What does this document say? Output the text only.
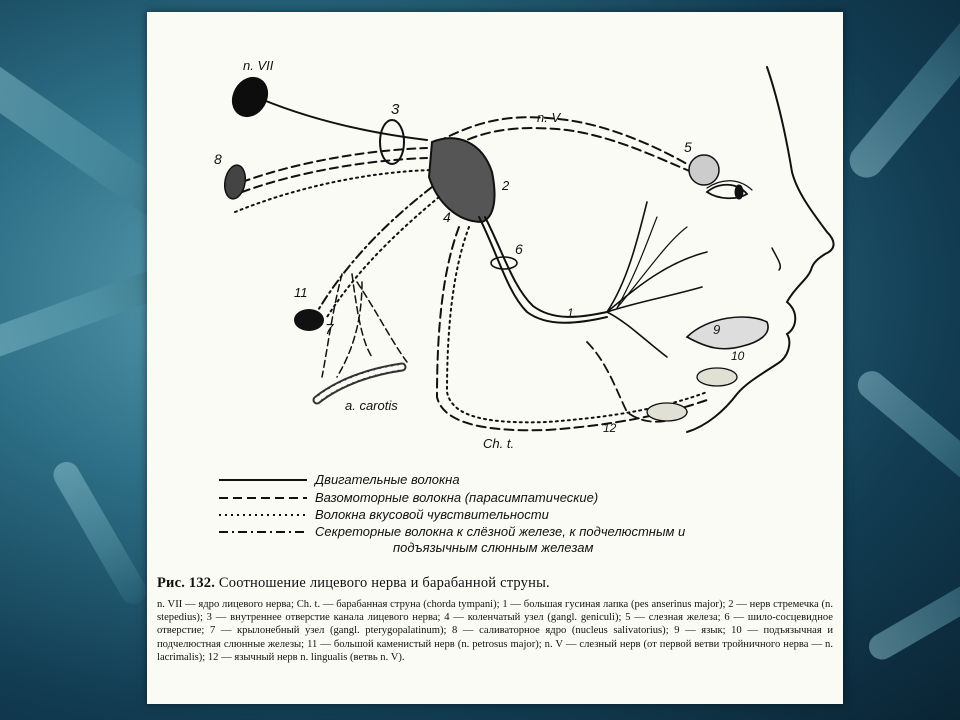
n. VII
n. V
1
2
3
4
5
6
7
8
9
10
11
12
a. carotis
Ch. t.
Двигательные волокна
Вазомоторные волокна (парасимпатические)
Волокна вкусовой чувствительности
Секреторные волокна к слёзной железе, к подчелюстным и
подъязычным слюнным железам

Рис. 132. Соотношение лицевого нерва и барабанной струны.

n. VII — ядро лицевого нерва; Ch. t. — барабанная струна (chorda tympani); 1 — большая гусиная лапка (pes anserinus major); 2 — нерв стремечка (n. stepedius); 3 — внутреннее отверстие канала лицевого нерва; 4 — коленчатый узел (gangl. geniculi); 5 — слезная железа; 6 — шило-сосцевидное отверстие; 7 — крылонебный узел (gangl. pterygopalatinum); 8 — саливаторное ядро (nucleus salivatorius); 9 — язык; 10 — подъязычная и подчелюстная слюнные железы; 11 — большой каменистый нерв (n. petrosus major); n. V — слезный нерв (от первой ветви тройничного нерва — n. lacrimalis); 12 — язычный нерв n. lingualis (ветвь n. V).
